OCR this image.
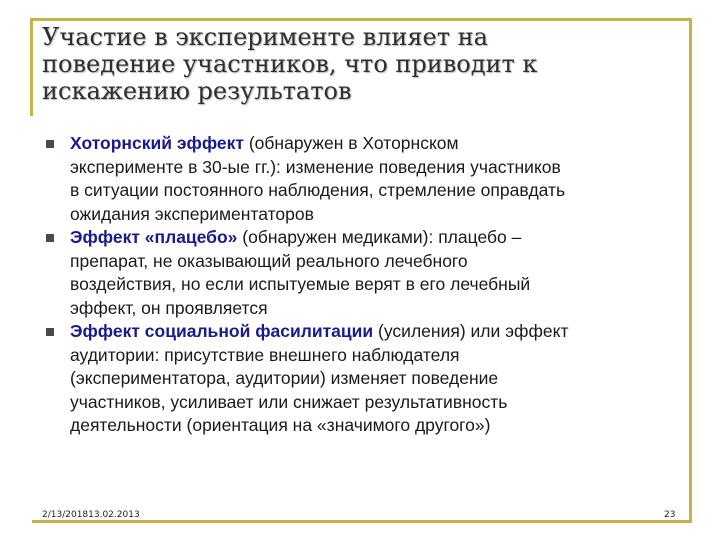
Участие в эксперименте влияет на
поведение участников, что приводит к
искажению результатов
Хоторнский эффект (обнаружен в Хоторнском
эксперименте в 30-ые гг.): изменение поведения участников
в ситуации постоянного наблюдения, стремление оправдать
ожидания экспериментаторов
Эффект «плацебо» (обнаружен медиками): плацебо –
препарат, не оказывающий реального лечебного
воздействия, но если испытуемые верят в его лечебный
эффект, он проявляется
Эффект социальной фасилитации (усиления) или эффект
аудитории: присутствие внешнего наблюдателя
(экспериментатора, аудитории) изменяет поведение
участников, усиливает или снижает результативность
деятельности (ориентация на «значимого другого»)
2/13/201813.02.2013	23
